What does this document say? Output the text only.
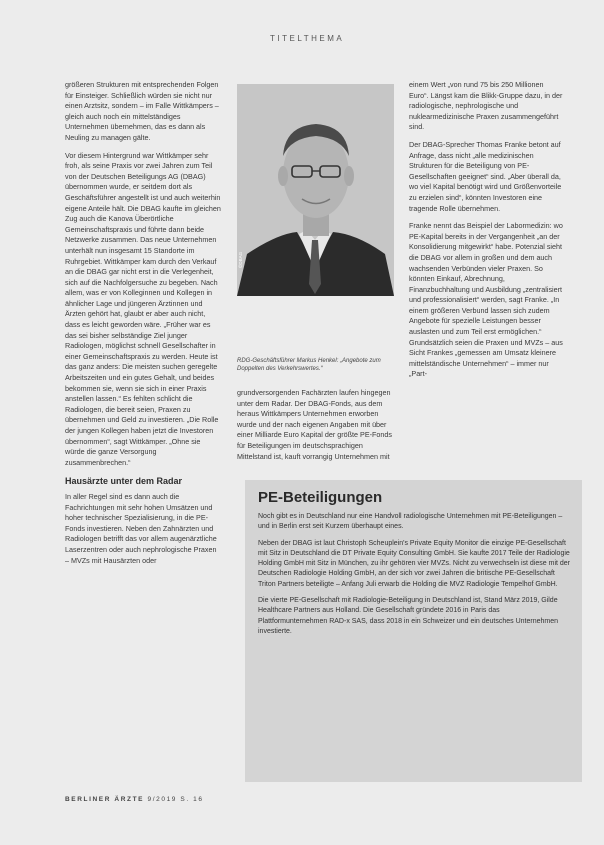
TITELTHEMA

größeren Strukturen mit entsprechenden Folgen für Einsteiger. Schließlich würden sie nicht nur einen Arztsitz, sondern – im Falle Wittkämpers – gleich auch noch ein mittelständiges Unternehmen übernehmen, das es dann als Neuling zu managen gälte.

Vor diesem Hintergrund war Wittkämper sehr froh, als seine Praxis vor zwei Jahren zum Teil von der Deutschen Beteiligungs AG (DBAG) übernommen wurde, er seitdem dort als Geschäftsführer angestellt ist und auch weiterhin eigene Anteile hält. Die DBAG kaufte im gleichen Zug auch die Kanova Überörtliche Gemeinschaftspraxis und führte dann beide Netzwerke zusammen. Das neue Unternehmen unterhält nun insgesamt 15 Standorte im Ruhrgebiet. Wittkämper kam durch den Verkauf an die DBAG gar nicht erst in die Verlegenheit, sich auf die Nachfolgersuche zu begeben. Nach allem, was er von Kolleginnen und Kollegen in ähnlicher Lage und jüngeren Ärztinnen und Ärzten gehört hat, glaubt er aber auch nicht, dass es leicht geworden wäre. „Früher war es das sei bisher selbständige Ziel junger Radiologen, möglichst schnell Gesellschafter in einer Gemeinschaftspraxis zu werden. Heute ist das ganz anders: Die meisten suchen geregelte Arbeitszeiten und ein gutes Gehalt, und beides bekommen sie, wenn sie sich in einer Praxis anstellen lassen.“ Es fehlten schlicht die Radiologen, die bereit seien, Praxen zu übernehmen und Geld zu investieren. „Die Rolle der jungen Kollegen haben jetzt die Investoren übernommen“, sagt Wittkämper. „Ohne sie würde die ganze Versorgung zusammenbrechen.“

Hausärzte unter dem Radar

In aller Regel sind es dann auch die Fachrichtungen mit sehr hohen Umsätzen und hoher technischer Spezialisierung, in die PE-Fonds investieren. Neben den Zahnärzten und Radiologen betrifft das vor allem augenärztliche Laserzentren oder auch nephrologische Praxen – MVZs mit Hausärzten oder

©DBAG
RDG-Geschäftsführer Markus Henkel: „Angebote zum Doppelten des Verkehrswertes.“

grundversorgenden Fachärzten laufen hingegen unter dem Radar. Der DBAG-Fonds, aus dem heraus Wittkämpers Unternehmen erworben wurde und der nach eigenen Angaben mit über einer Milliarde Euro Kapital der größte PE-Fonds für Beteiligungen im deutschsprachigen Mittelstand ist, kauft vorrangig Unternehmen mit

einem Wert „von rund 75 bis 250 Millionen Euro“. Längst kam die Blikk-Gruppe dazu, in der radiologische, nephrologische und nuklearmedizinische Praxen zusammengeführt sind.

Der DBAG-Sprecher Thomas Franke betont auf Anfrage, dass nicht „alle medizinischen Strukturen für die Beteiligung von PE-Gesellschaften geeignet“ sind. „Aber überall da, wo viel Kapital benötigt wird und Größenvorteile zu erzielen sind“, könnten Investoren eine tragende Rolle übernehmen.

Franke nennt das Beispiel der Labormedizin: wo PE-Kapital bereits in der Vergangenheit „an der Konsolidierung mitgewirkt“ habe. Potenzial sieht die DBAG vor allem in großen und dem auch wachsenden Verbünden vieler Praxen. So könnten Einkauf, Abrechnung, Finanzbuchhaltung und Ausbildung „zentralisiert und professionalisiert“ werden, sagt Franke. „In einem größeren Verbund lassen sich zudem Angebote für spezielle Leistungen besser auslasten und zum Teil erst ermöglichen.“ Grundsätzlich seien die Praxen und MVZs – aus Sicht Frankes „gemessen am Umsatz kleinere mittelständische Unternehmen“ – immer nur „Part-

PE-Beteiligungen

Noch gibt es in Deutschland nur eine Handvoll radiologische Unternehmen mit PE-Beteiligungen – und in Berlin erst seit Kurzem überhaupt eines.

Neben der DBAG ist laut Christoph Scheuplein's Private Equity Monitor die einzige PE-Gesellschaft mit Sitz in Deutschland die DT Private Equity Consulting GmbH. Sie kaufte 2017 Teile der Radiologie Holding GmbH mit Sitz in München, zu ihr gehören vier MVZs. Nicht zu verwechseln ist diese mit der Deutschen Radiologie Holding GmbH, an der sich vor zwei Jahren die britische PE-Gesellschaft Triton Partners beteiligte – Anfang Juli erwarb die Holding die MVZ Radiologie Tempelhof GmbH.

Die vierte PE-Gesellschaft mit Radiologie-Beteiligung in Deutschland ist, Stand März 2019, Gilde Healthcare Partners aus Holland. Die Gesellschaft gründete 2016 in Paris das Plattformunternehmen RAD-x SAS, dass 2018 in ein Schweizer und ein deutsches Unternehmen investierte.

BERLINER ÄRZTE 9/2019 S. 16
